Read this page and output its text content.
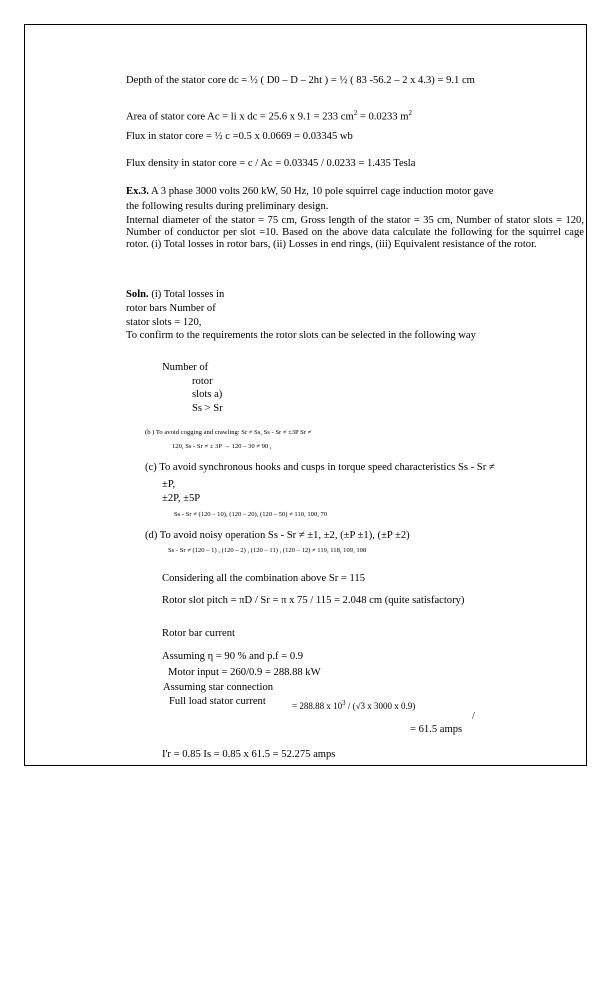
Depth of the stator core dc = ½ ( D0 – D – 2ht ) = ½ ( 83 -56.2 – 2 x 4.3) = 9.1 cm
Area of stator core Ac = li x dc = 25.6 x 9.1 = 233 $cm^2 = 0.0233$ $m^2$
Flux in stator core = ½ c =0.5 x 0.0669 = 0.03345 wb
Flux density in stator core = c / Ac = 0.03345 / 0.0233 = 1.435 Tesla
Ex.3. A 3 phase 3000 volts 260 kW, 50 Hz, 10 pole squirrel cage induction motor gave
the following results during preliminary design.
Internal diameter of the stator = 75 cm, Gross length of the stator = 35 cm, Number of stator slots = 120, Number of conductor per slot =10. Based on the above data calculate the following for the squirrel cage rotor. (i) Total losses in rotor bars, (ii) Losses in end rings, (iii) Equivalent resistance of the rotor.
Soln. (i) Total losses in
rotor bars Number of
stator slots = 120,
To confirm to the requirements the rotor slots can be selected in the following way
Number of
rotor
slots a)
Ss > Sr
(b ) To avoid cogging and crawling: Sr ≠ Ss, Ss - Sr ≠ ±3P Sr ≠
120, Ss - Sr ≠ ± 3P → 120 – 30 ≠ 90 ,
(c) To avoid synchronous hooks and cusps in torque speed characteristics Ss - Sr ≠
±P,
±2P, ±5P
Ss - Sr ≠ (120 – 10), (120 – 20), (120 – 50) ≠ 110, 100, 70
(d) To avoid noisy operation Ss - Sr ≠ ±1, ±2, (±P ±1), (±P ±2)
Ss - Sr ≠ (120 – 1) , (120 – 2) , (120 – 11) , (120 – 12) ≠ 119, 118, 109, 108
Considering all the combination above Sr = 115
Rotor slot pitch = πD / Sr = π x 75 / 115 = 2.048 cm (quite satisfactory)
Rotor bar current
Assuming η = 90 % and p.f = 0.9
Motor input = 260/0.9 = 288.88 kW
Assuming star connection
Full load stator current	= 288.88 x $10^3 / (√3$ x 3000 x 0.9)
= 61.5 amps
/
I'r = 0.85 Is = 0.85 x 61.5 = 52.275 amps
